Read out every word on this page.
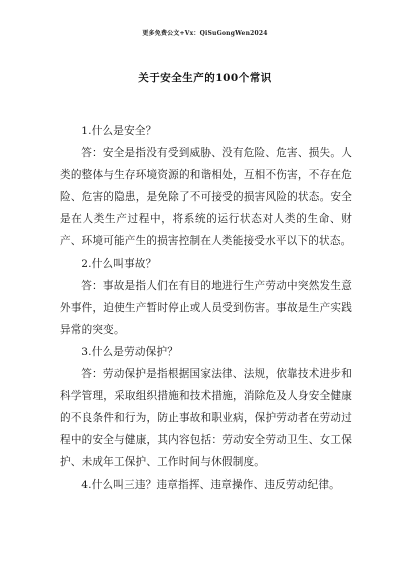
更多免费公文+Vx：QiSuGongWen2024
关于安全生产的100个常识

1.什么是安全？

答：安全是指没有受到威胁、没有危险、危害、损失。人类的整体与生存环境资源的和谐相处，互相不伤害，不存在危险、危害的隐患，是免除了不可接受的损害风险的状态。安全是在人类生产过程中，将系统的运行状态对人类的生命、财产、环境可能产生的损害控制在人类能接受水平以下的状态。

2.什么叫事故？

答：事故是指人们在有目的地进行生产劳动中突然发生意外事件，迫使生产暂时停止或人员受到伤害。事故是生产实践异常的突变。

3.什么是劳动保护？

答：劳动保护是指根据国家法律、法规，依靠技术进步和科学管理，采取组织措施和技术措施，消除危及人身安全健康的不良条件和行为，防止事故和职业病，保护劳动者在劳动过程中的安全与健康，其内容包括：劳动安全劳动卫生、女工保护、未成年工保护、工作时间与休假制度。

4.什么叫三违？违章指挥、违章操作、违反劳动纪律。
